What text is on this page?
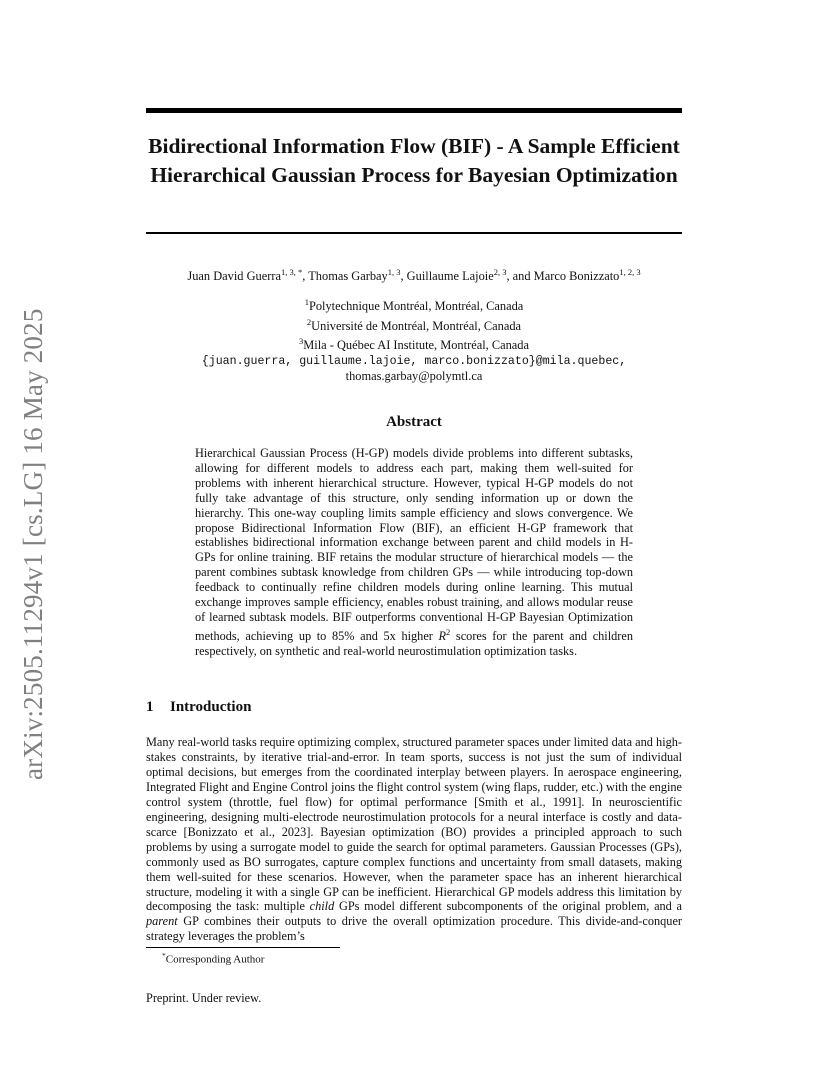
arXiv:2505.11294v1 [cs.LG] 16 May 2025
Bidirectional Information Flow (BIF) - A Sample Efficient Hierarchical Gaussian Process for Bayesian Optimization
Juan David Guerra$^{1, 3, *}$, Thomas Garbay$^{1, 3}$, Guillaume Lajoie$^{2, 3}$, and Marco Bonizzato$^{1, 2, 3}$
$^1$Polytechnique Montréal, Montréal, Canada
$^2$Université de Montréal, Montréal, Canada
$^3$Mila - Québec AI Institute, Montréal, Canada
{juan.guerra, guillaume.lajoie, marco.bonizzato}@mila.quebec,
thomas.garbay@polymtl.ca
Abstract

Hierarchical Gaussian Process (H-GP) models divide problems into different subtasks, allowing for different models to address each part, making them well-suited for problems with inherent hierarchical structure. However, typical H-GP models do not fully take advantage of this structure, only sending information up or down the hierarchy. This one-way coupling limits sample efficiency and slows convergence. We propose Bidirectional Information Flow (BIF), an efficient H-GP framework that establishes bidirectional information exchange between parent and child models in H-GPs for online training. BIF retains the modular structure of hierarchical models — the parent combines subtask knowledge from children GPs — while introducing top-down feedback to continually refine children models during online learning. This mutual exchange improves sample efficiency, enables robust training, and allows modular reuse of learned subtask models. BIF outperforms conventional H-GP Bayesian Optimization methods, achieving up to 85% and 5x higher $R^2$ scores for the parent and children respectively, on synthetic and real-world neurostimulation optimization tasks.

1 Introduction

Many real-world tasks require optimizing complex, structured parameter spaces under limited data and high-stakes constraints, by iterative trial-and-error. In team sports, success is not just the sum of individual optimal decisions, but emerges from the coordinated interplay between players. In aerospace engineering, Integrated Flight and Engine Control joins the flight control system (wing flaps, rudder, etc.) with the engine control system (throttle, fuel flow) for optimal performance [Smith et al., 1991]. In neuroscientific engineering, designing multi-electrode neurostimulation protocols for a neural interface is costly and data-scarce [Bonizzato et al., 2023]. Bayesian optimization (BO) provides a principled approach to such problems by using a surrogate model to guide the search for optimal parameters. Gaussian Processes (GPs), commonly used as BO surrogates, capture complex functions and uncertainty from small datasets, making them well-suited for these scenarios. However, when the parameter space has an inherent hierarchical structure, modeling it with a single GP can be inefficient. Hierarchical GP models address this limitation by decomposing the task: multiple child GPs model different subcomponents of the original problem, and a parent GP combines their outputs to drive the overall optimization procedure. This divide-and-conquer strategy leverages the problem’s

*Corresponding Author
Preprint. Under review.
